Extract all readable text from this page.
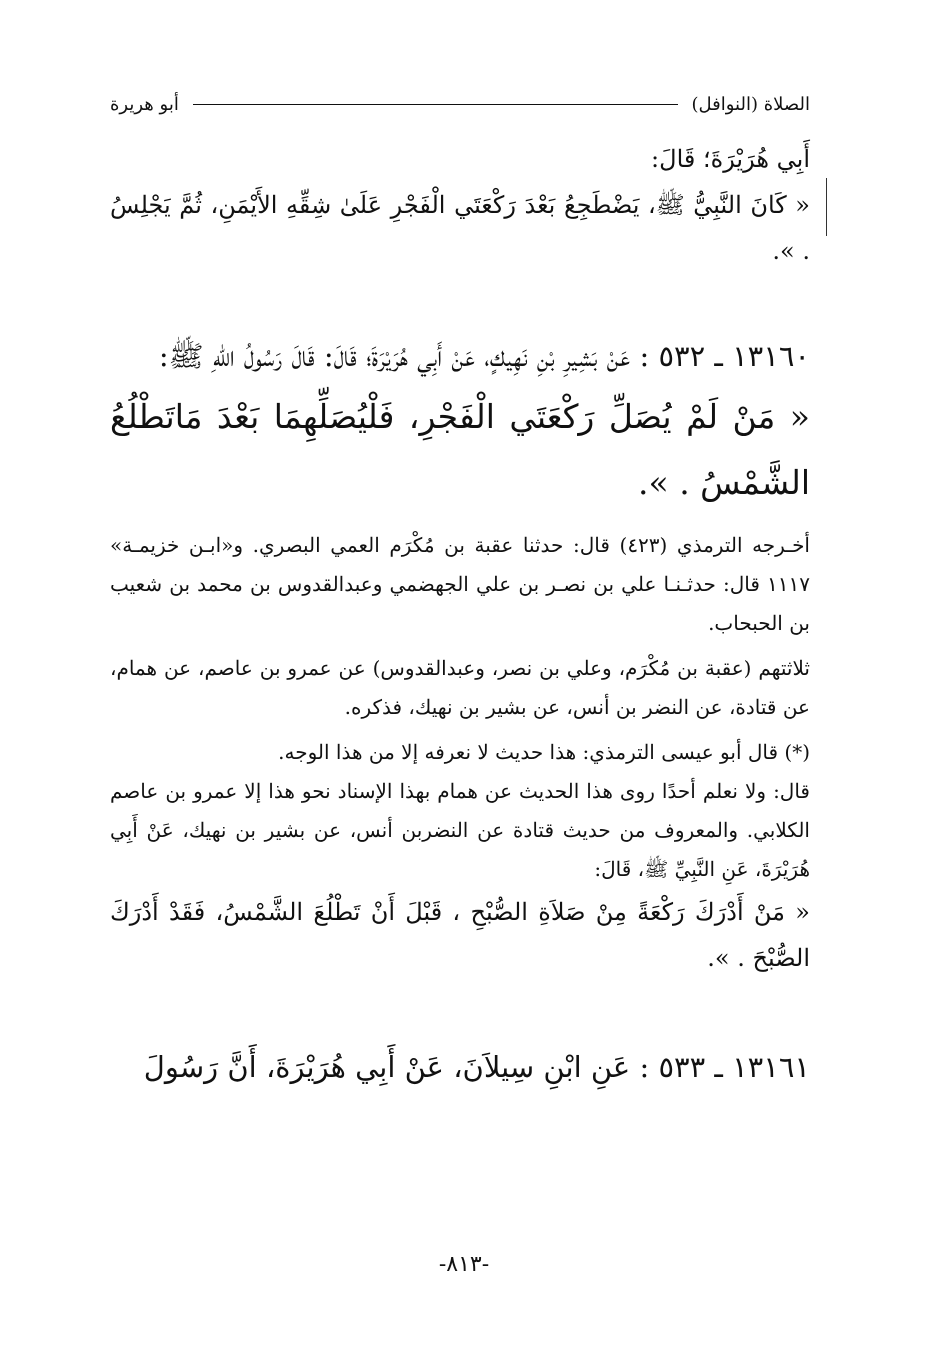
الصلاة (النوافل)
أبو هريرة

أَبِي هُرَيْرَةَ؛ قَالَ:

« كَانَ النَّبِيُّ ﷺ، يَضْطَجِعُ بَعْدَ رَكْعَتَي الْفَجْرِ عَلَىٰ شِقِّهِ الأَيْمَنِ، ثُمَّ يَجْلِسُ . ».

١٣١٦٠ ـ ٥٣٢ : عَنْ بَشِيرِ بْنِ نَهِيكٍ، عَنْ أَبِي هُرَيْرَةَ؛ قَالَ: قَالَ رَسُولُ اللهِ ﷺ:

« مَنْ لَمْ يُصَلِّ رَكْعَتَي الْفَجْرِ، فَلْيُصَلِّهِمَا بَعْدَ مَاتَطْلُعُ الشَّمْسُ . ».

أخـرجه الترمذي (٤٢٣) قال: حدثنا عقبة بن مُكْرَم العمي البصري. و«ابـن خزيمـة» ١١١٧ قال: حدثـنـا علي بن نصـر بن علي الجهضمي وعبدالقدوس بن محمد بن شعيب بن الحبحاب.

ثلاثتهم (عقبة بن مُكْرَم، وعلي بن نصر، وعبدالقدوس) عن عمرو بن عاصم، عن همام، عن قتادة، عن النضر بن أنس، عن بشير بن نهيك، فذكره.

(*) قال أبو عيسى الترمذي: هذا حديث لا نعرفه إلا من هذا الوجه.

قال: ولا نعلم أحدًا روى هذا الحديث عن همام بهذا الإسناد نحو هذا إلا عمرو بن عاصم الكلابي. والمعروف من حديث قتادة عن النضربن أنس، عن بشير بن نهيك، عَنْ أَبِي هُرَيْرَةَ، عَنِ النَّبِيِّ ﷺ، قَالَ:

« مَنْ أَدْرَكَ رَكْعَةً مِنْ صَلاَةِ الصُّبْحِ ، قَبْلَ أَنْ تَطْلُعَ الشَّمْسُ، فَقَدْ أَدْرَكَ الصُّبْحَ . ».

١٣١٦١ ـ ٥٣٣ : عَنِ ابْنِ سِيلاَنَ، عَنْ أَبِي هُرَيْرَةَ، أَنَّ رَسُولَ

-٨١٣-
